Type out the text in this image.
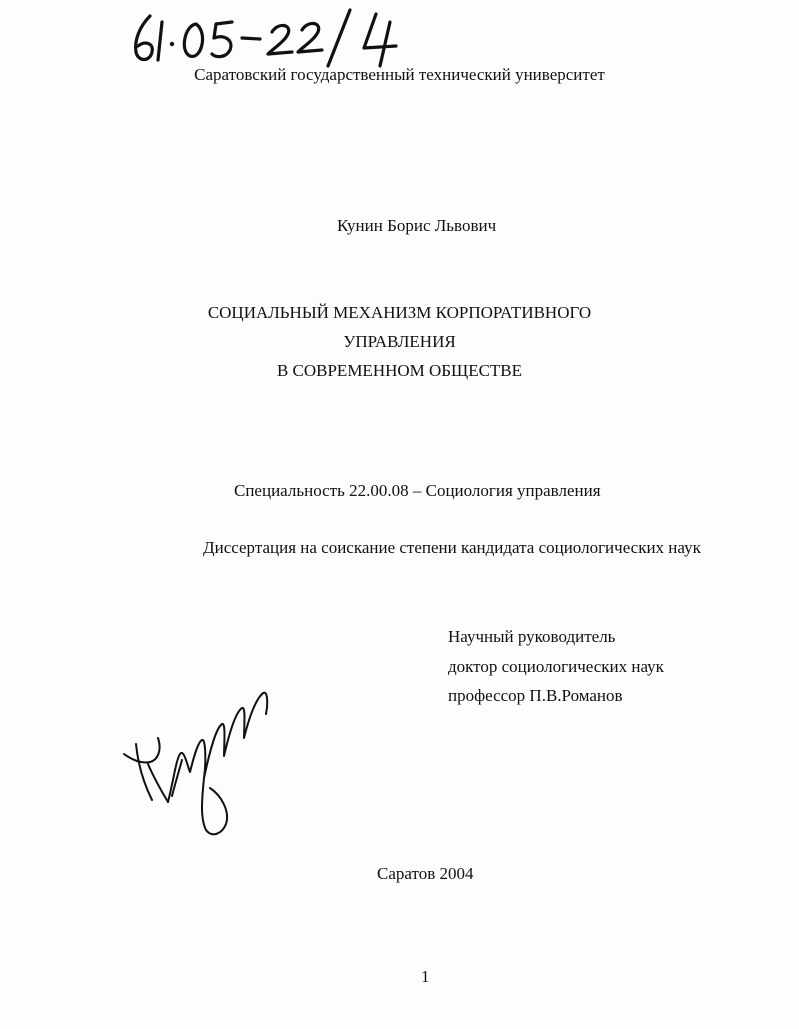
Саратовский государственный технический университет
Кунин Борис Львович
СОЦИАЛЬНЫЙ МЕХАНИЗМ КОРПОРАТИВНОГО
УПРАВЛЕНИЯ
В СОВРЕМЕННОМ ОБЩЕСТВЕ
Специальность 22.00.08 – Социология управления
Диссертация на соискание степени кандидата социологических наук
Научный руководитель
доктор социологических наук
профессор П.В.Романов
Саратов 2004
1
